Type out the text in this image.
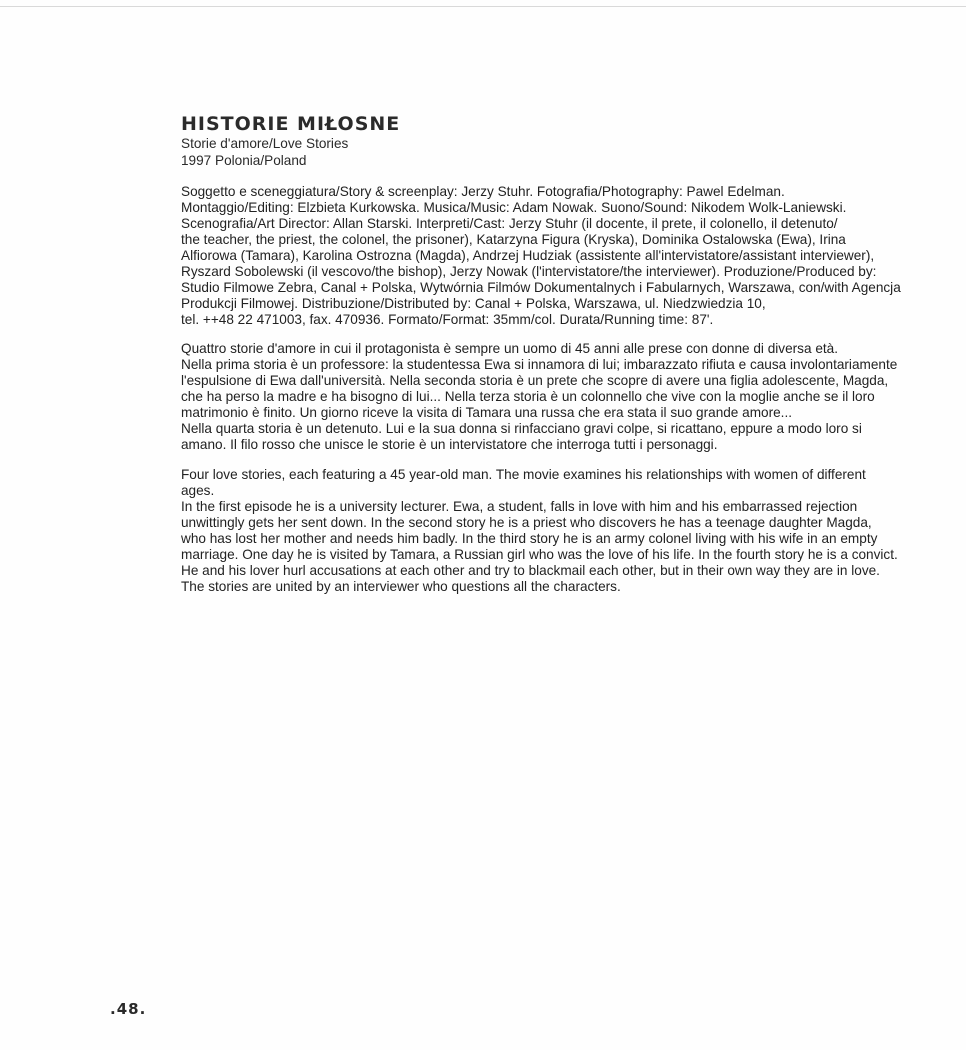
HISTORIE MIŁOSNE

Storie d'amore/Love Stories

1997 Polonia/Poland

Soggetto e sceneggiatura/Story & screenplay: Jerzy Stuhr. Fotografia/Photography: Pawel Edelman.
Montaggio/Editing: Elzbieta Kurkowska. Musica/Music: Adam Nowak. Suono/Sound: Nikodem Wolk-Laniewski.
Scenografia/Art Director: Allan Starski. Interpreti/Cast: Jerzy Stuhr (il docente, il prete, il colonello, il detenuto/
the teacher, the priest, the colonel, the prisoner), Katarzyna Figura (Kryska), Dominika Ostalowska (Ewa), Irina
Alfiorowa (Tamara), Karolina Ostrozna (Magda), Andrzej Hudziak (assistente all'intervistatore/assistant interviewer),
Ryszard Sobolewski (il vescovo/the bishop), Jerzy Nowak (l'intervistatore/the interviewer). Produzione/Produced by:
Studio Filmowe Zebra, Canal + Polska, Wytwórnia Filmów Dokumentalnych i Fabularnych, Warszawa, con/with Agencja
Produkcji Filmowej. Distribuzione/Distributed by: Canal + Polska, Warszawa, ul. Niedzwiedzia 10,
tel. ++48 22 471003, fax. 470936. Formato/Format: 35mm/col. Durata/Running time: 87'.

Quattro storie d'amore in cui il protagonista è sempre un uomo di 45 anni alle prese con donne di diversa età.
Nella prima storia è un professore: la studentessa Ewa si innamora di lui; imbarazzato rifiuta e causa involontariamente
l'espulsione di Ewa dall'università. Nella seconda storia è un prete che scopre di avere una figlia adolescente, Magda,
che ha perso la madre e ha bisogno di lui... Nella terza storia è un colonnello che vive con la moglie anche se il loro
matrimonio è finito. Un giorno riceve la visita di Tamara una russa che era stata il suo grande amore...
Nella quarta storia è un detenuto. Lui e la sua donna si rinfacciano gravi colpe, si ricattano, eppure a modo loro si
amano. Il filo rosso che unisce le storie è un intervistatore che interroga tutti i personaggi.

Four love stories, each featuring a 45 year-old man. The movie examines his relationships with women of different ages.
In the first episode he is a university lecturer. Ewa, a student, falls in love with him and his embarrassed rejection
unwittingly gets her sent down. In the second story he is a priest who discovers he has a teenage daughter Magda,
who has lost her mother and needs him badly. In the third story he is an army colonel living with his wife in an empty
marriage. One day he is visited by Tamara, a Russian girl who was the love of his life. In the fourth story he is a convict.
He and his lover hurl accusations at each other and try to blackmail each other, but in their own way they are in love.
The stories are united by an interviewer who questions all the characters.

.48.
